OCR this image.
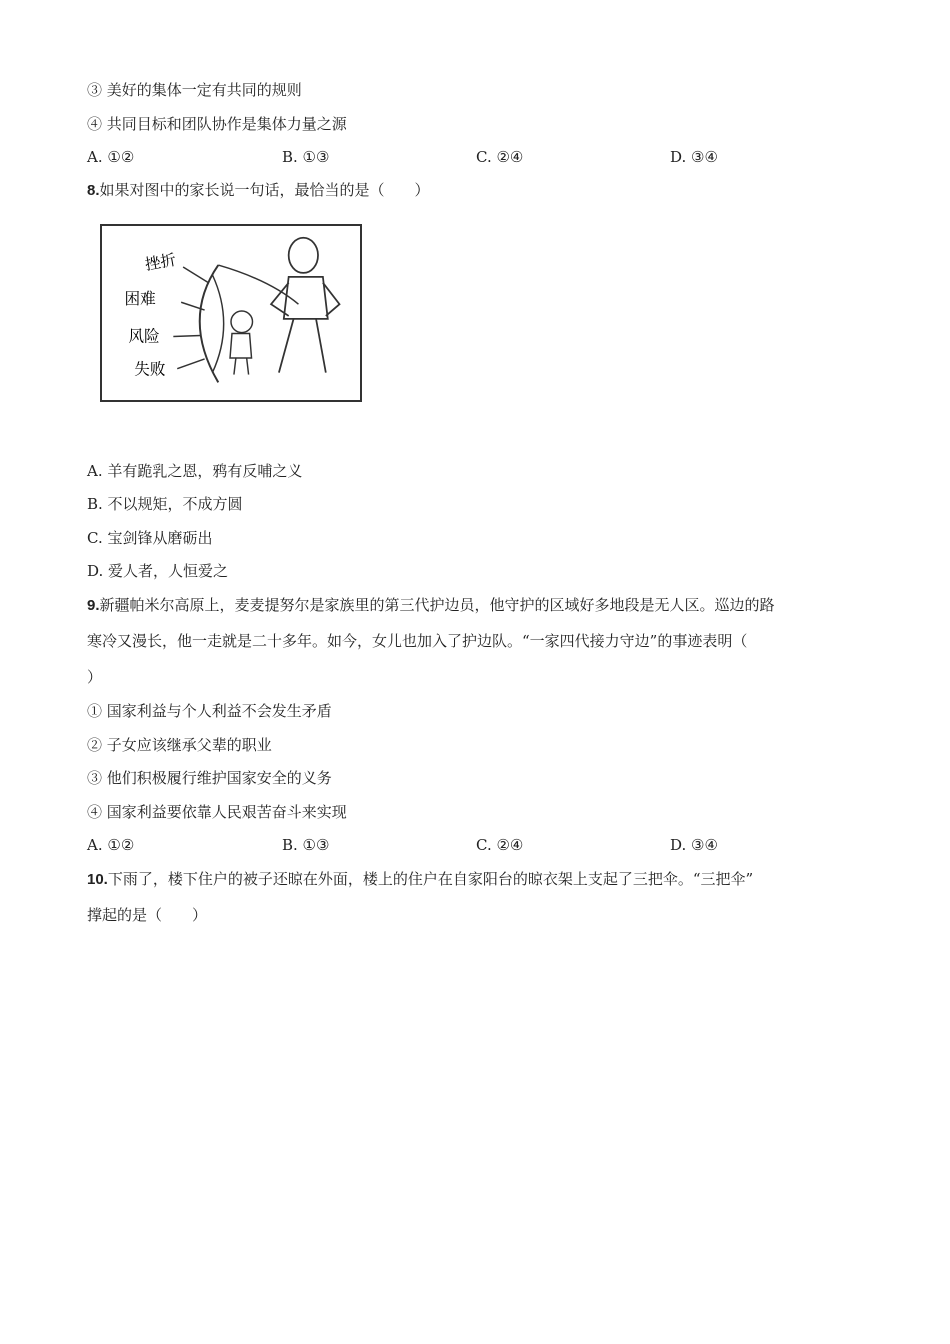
③ 美好的集体一定有共同的规则
④ 共同目标和团队协作是集体力量之源
A. ①②	B. ①③	C. ②④	D. ③④
8.如果对图中的家长说一句话，最恰当的是（　　）
挫折
困难
风险
失败
A. 羊有跪乳之恩，鸦有反哺之义
B. 不以规矩，不成方圆
C. 宝剑锋从磨砺出
D. 爱人者，人恒爱之
9.新疆帕米尔高原上，麦麦提努尔是家族里的第三代护边员，他守护的区域好多地段是无人区。巡边的路
寒冷又漫长，他一走就是二十多年。如今，女儿也加入了护边队。“一家四代接力守边”的事迹表明（
）
① 国家利益与个人利益不会发生矛盾
② 子女应该继承父辈的职业
③ 他们积极履行维护国家安全的义务
④ 国家利益要依靠人民艰苦奋斗来实现
A. ①②	B. ①③	C. ②④	D. ③④
10.下雨了，楼下住户的被子还晾在外面，楼上的住户在自家阳台的晾衣架上支起了三把伞。“三把伞”
撑起的是（　　）
